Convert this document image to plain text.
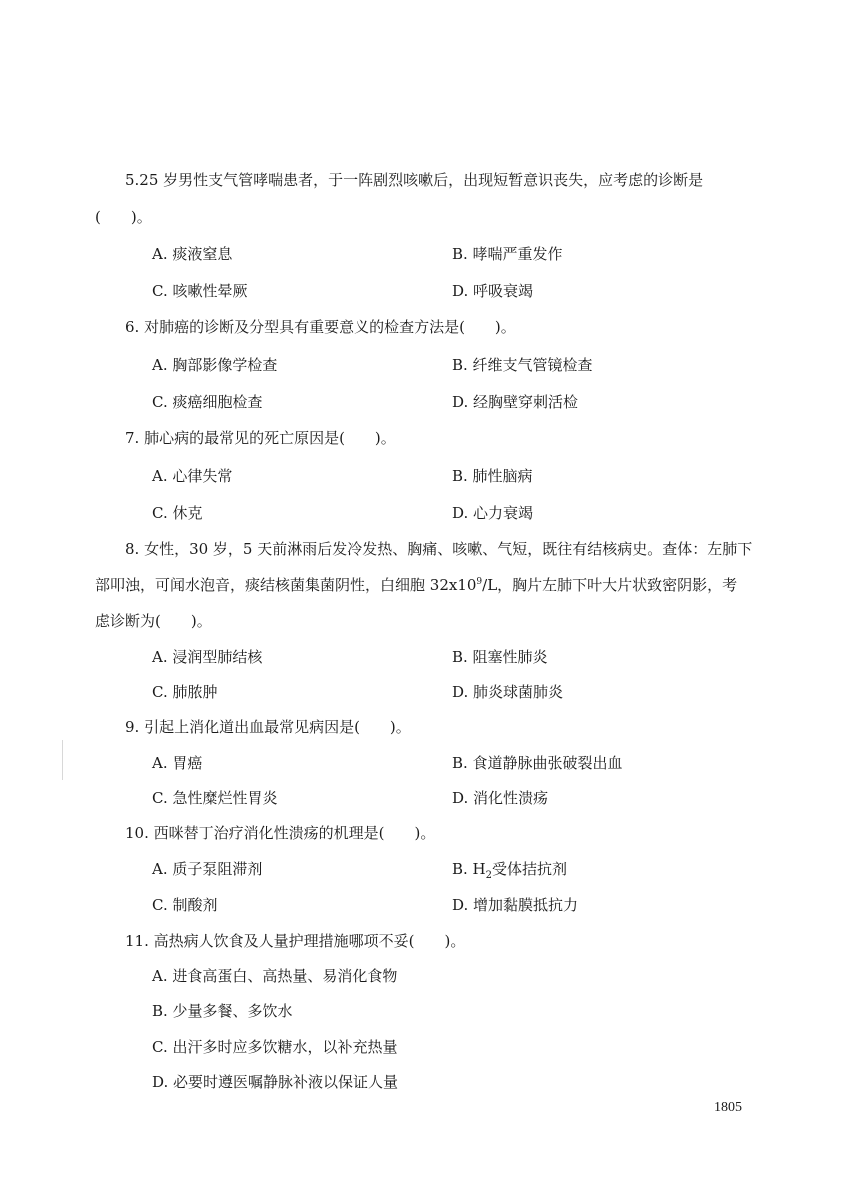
5.25 岁男性支气管哮喘患者，于一阵剧烈咳嗽后，出现短暂意识丧失，应考虑的诊断是
(　　)。
A. 痰液窒息	B. 哮喘严重发作
C. 咳嗽性晕厥	D. 呼吸衰竭
6. 对肺癌的诊断及分型具有重要意义的检查方法是(　　)。
A. 胸部影像学检查	B. 纤维支气管镜检查
C. 痰癌细胞检查	D. 经胸壁穿刺活检
7. 肺心病的最常见的死亡原因是(　　)。
A. 心律失常	B. 肺性脑病
C. 休克	D. 心力衰竭
8. 女性，30 岁，5 天前淋雨后发冷发热、胸痛、咳嗽、气短，既往有结核病史。查体：左肺下
部叩浊，可闻水泡音，痰结核菌集菌阴性，白细胞 $32x10^9/L$，胸片左肺下叶大片状致密阴影，考
虑诊断为(　　)。
A. 浸润型肺结核	B. 阻塞性肺炎
C. 肺脓肿	D. 肺炎球菌肺炎
9. 引起上消化道出血最常见病因是(　　)。
A. 胃癌	B. 食道静脉曲张破裂出血
C. 急性糜烂性胃炎	D. 消化性溃疡
10. 西咪替丁治疗消化性溃疡的机理是(　　)。
A. 质子泵阻滞剂	B. $H_2$受体拮抗剂
C. 制酸剂	D. 增加黏膜抵抗力
11. 高热病人饮食及人量护理措施哪项不妥(　　)。
A. 进食高蛋白、高热量、易消化食物
B. 少量多餐、多饮水
C. 出汗多时应多饮糖水，以补充热量
D. 必要时遵医嘱静脉补液以保证人量
1805
